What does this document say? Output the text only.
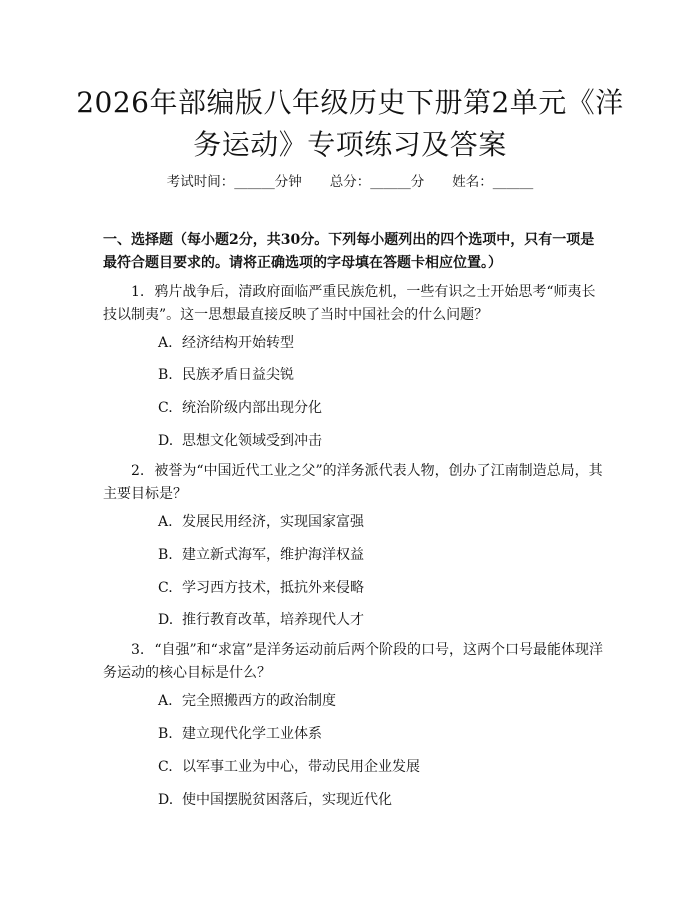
2026年部编版八年级历史下册第2单元《洋
务运动》专项练习及答案
考试时间：______分钟 总分：______分 姓名：______
一、选择题（每小题2分，共30分。下列每小题列出的四个选项中，只有一项是最符合题目要求的。请将正确选项的字母填在答题卡相应位置。）
1. 鸦片战争后，清政府面临严重民族危机，一些有识之士开始思考“师夷长技以制夷”。这一思想最直接反映了当时中国社会的什么问题？
A. 经济结构开始转型
B. 民族矛盾日益尖锐
C. 统治阶级内部出现分化
D. 思想文化领域受到冲击
2. 被誉为“中国近代工业之父”的洋务派代表人物，创办了江南制造总局，其主要目标是？
A. 发展民用经济，实现国家富强
B. 建立新式海军，维护海洋权益
C. 学习西方技术，抵抗外来侵略
D. 推行教育改革，培养现代人才
3. “自强”和“求富”是洋务运动前后两个阶段的口号，这两个口号最能体现洋务运动的核心目标是什么？
A. 完全照搬西方的政治制度
B. 建立现代化学工业体系
C. 以军事工业为中心，带动民用企业发展
D. 使中国摆脱贫困落后，实现近代化
